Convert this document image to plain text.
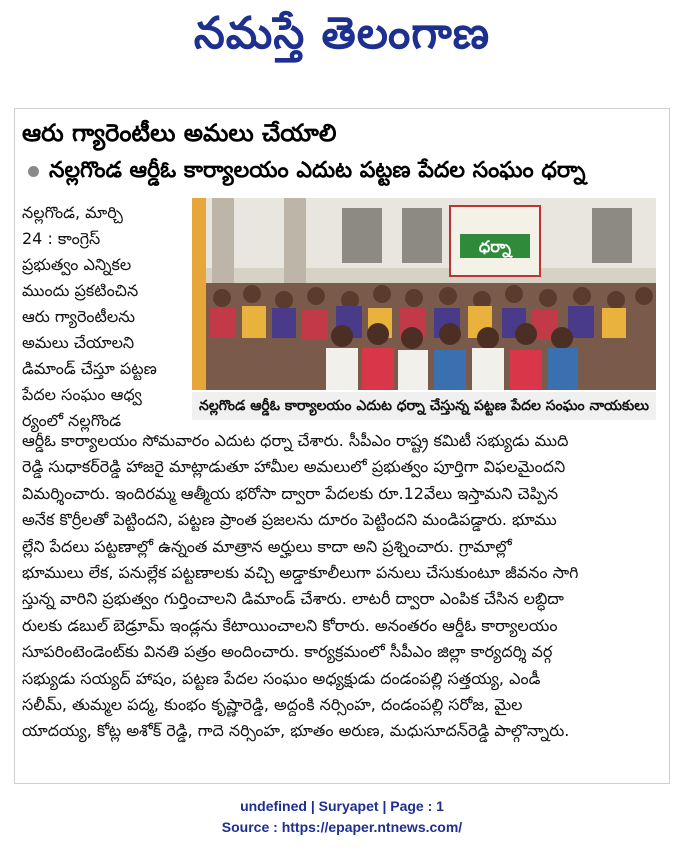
నమస్తే తెలంగాణ
ఆరు గ్యారెంటీలు అమలు చేయాలి
నల్లగొండ ఆర్డీఓ కార్యాలయం ఎదుట పట్టణ పేదల సంఘం ధర్నా
నల్లగొండ, మార్చి
24 : కాంగ్రెస్
ప్రభుత్వం ఎన్నికల
ముందు ప్రకటించిన
ఆరు గ్యారెంటీలను
అమలు చేయాలని
డిమాండ్ చేస్తూ పట్టణ
పేదల సంఘం ఆధ్వ
ర్యంలో నల్లగొండ
ధర్నా
నల్లగొండ ఆర్డీఓ కార్యాలయం ఎదుట ధర్నా చేస్తున్న పట్టణ పేదల సంఘం నాయకులు
ఆర్డీఓ కార్యాలయం సోమవారం ఎదుట ధర్నా చేశారు. సీపీఎం రాష్ట్ర కమిటీ సభ్యుడు ముది
రెడ్డి సుధాకర్‌రెడ్డి హాజరై మాట్లాడుతూ హామీల అమలులో ప్రభుత్వం పూర్తిగా విఫలమైందని
విమర్శించారు. ఇందిరమ్మ ఆత్మీయ భరోసా ద్వారా పేదలకు రూ.12వేలు ఇస్తామని చెప్పిన
అనేక కొర్రీలతో పెట్టిందని, పట్టణ ప్రాంత ప్రజలను దూరం పెట్టిందని మండిపడ్డారు. భూము
ల్లేని పేదలు పట్టణాల్లో ఉన్నంత మాత్రాన అర్హులు కాదా అని ప్రశ్నించారు. గ్రామాల్లో
భూములు లేక, పనుల్లేక పట్టణాలకు వచ్చి అడ్డాకూలీలుగా పనులు చేసుకుంటూ జీవనం సాగి
స్తున్న వారిని ప్రభుత్వం గుర్తించాలని డిమాండ్ చేశారు. లాటరీ ద్వారా ఎంపిక చేసిన లబ్ధిదా
రులకు డబుల్ బెడ్రూమ్ ఇండ్లను కేటాయించాలని కోరారు. అనంతరం ఆర్డీఓ కార్యాలయం
సూపరింటెండెంట్‌కు వినతి పత్రం అందించారు. కార్యక్రమంలో సీపీఎం జిల్లా కార్యదర్శి వర్గ
సభ్యుడు సయ్యద్ హాషం, పట్టణ పేదల సంఘం అధ్యక్షుడు దండంపల్లి సత్తయ్య, ఎండీ
సలీమ్, తుమ్మల పద్మ, కుంభం కృష్ణారెడ్డి, అద్దంకి నర్సింహ, దండంపల్లి సరోజ, మైల
యాదయ్య, కోట్ల అశోక్ రెడ్డి, గాదె నర్సింహ, భూతం అరుణ, మధుసూదన్‌రెడ్డి పాల్గొన్నారు.
undefined | Suryapet | Page : 1
Source : https://epaper.ntnews.com/
